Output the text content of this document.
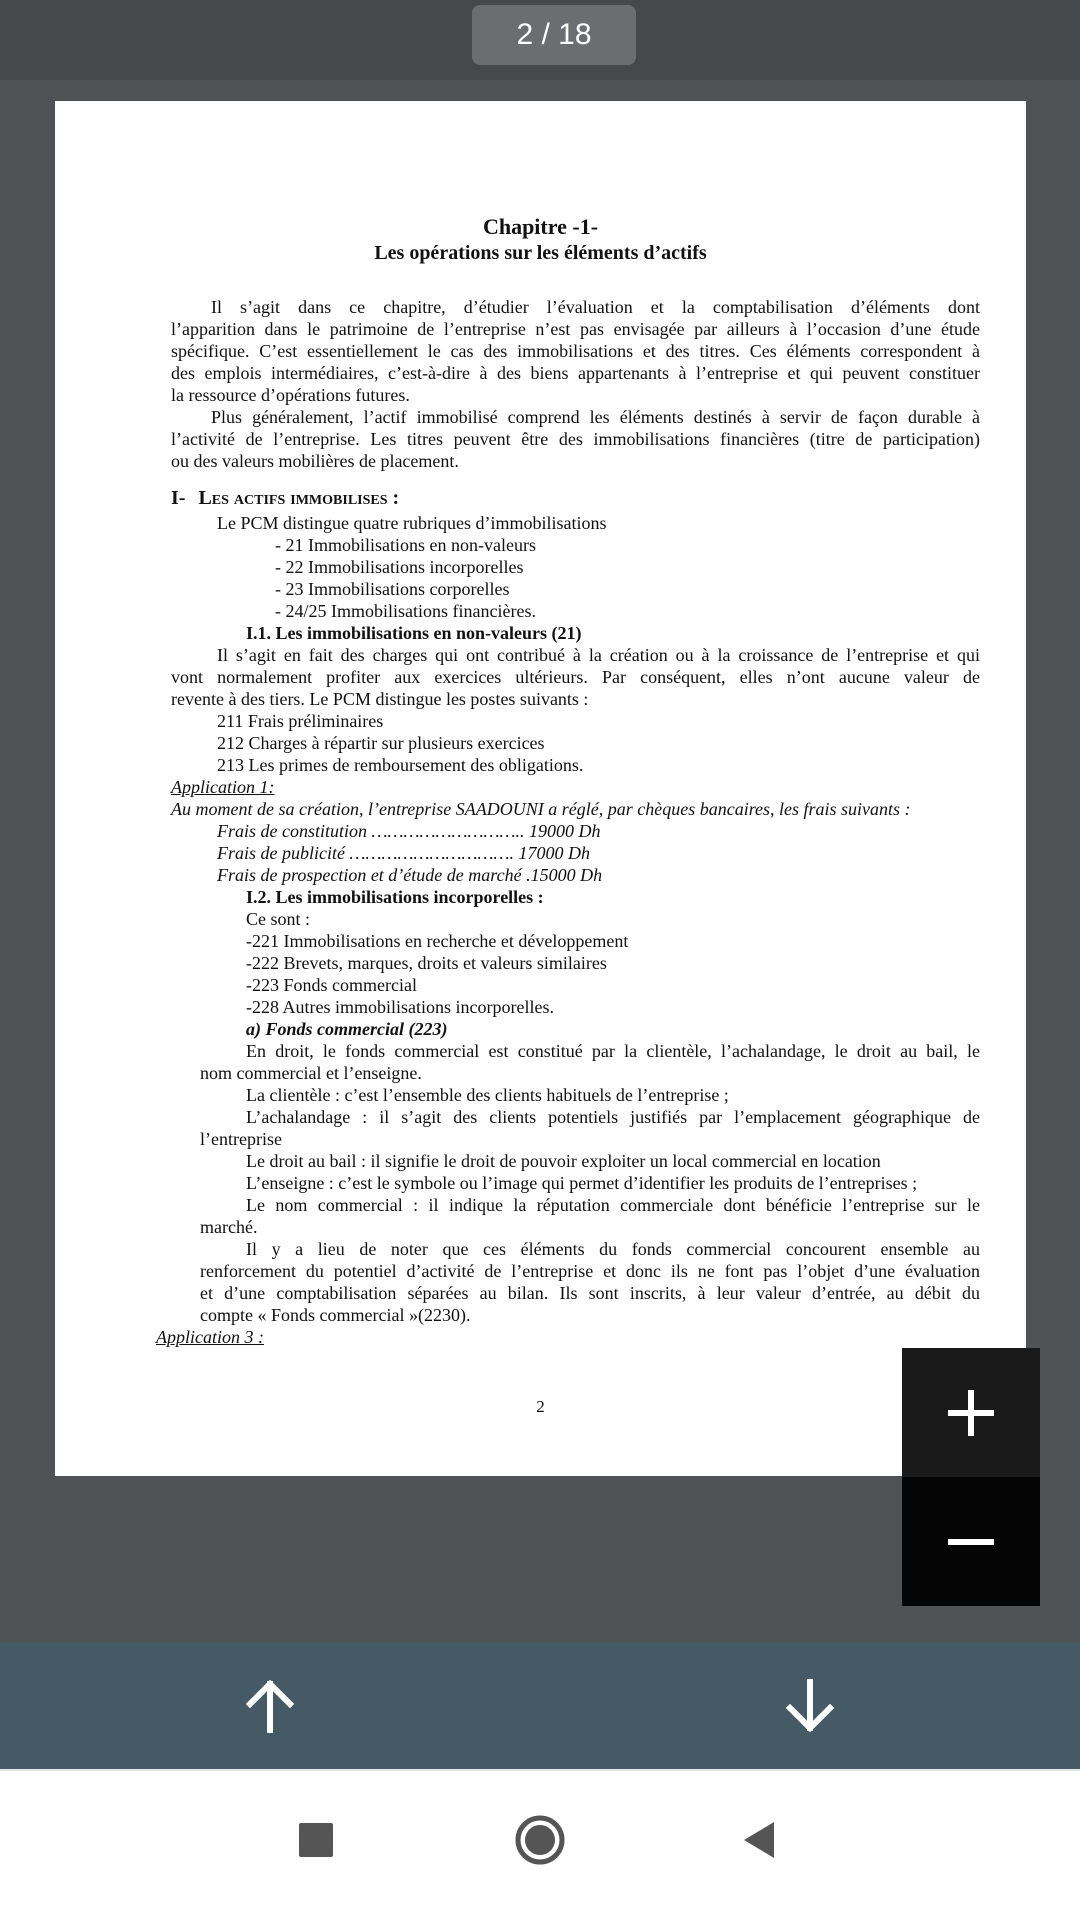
2 / 18
Chapitre -1-
Les opérations sur les éléments d’actifs
Il s’agit dans ce chapitre, d’étudier l’évaluation et la comptabilisation d’éléments dont
l’apparition dans le patrimoine de l’entreprise n’est pas envisagée par ailleurs à l’occasion d’une étude
spécifique. C’est essentiellement le cas des immobilisations et des titres. Ces éléments correspondent à
des emplois intermédiaires, c’est-à-dire à des biens appartenants à l’entreprise et qui peuvent constituer
la ressource d’opérations futures.
Plus généralement, l’actif immobilisé comprend les éléments destinés à servir de façon durable à
l’activité de l’entreprise. Les titres peuvent être des immobilisations financières (titre de participation)
ou des valeurs mobilières de placement.
I- Les actifs immobilises :
Le PCM distingue quatre rubriques d’immobilisations
- 21 Immobilisations en non-valeurs
- 22 Immobilisations incorporelles
- 23 Immobilisations corporelles
- 24/25 Immobilisations financières.
I.1. Les immobilisations en non-valeurs (21)
Il s’agit en fait des charges qui ont contribué à la création ou à la croissance de l’entreprise et qui
vont normalement profiter aux exercices ultérieurs. Par conséquent, elles n’ont aucune valeur de
revente à des tiers. Le PCM distingue les postes suivants :
211 Frais préliminaires
212 Charges à répartir sur plusieurs exercices
213 Les primes de remboursement des obligations.
Application 1:
Au moment de sa création, l’entreprise SAADOUNI a réglé, par chèques bancaires, les frais suivants :
Frais de constitution ……………………….. 19000 Dh
Frais de publicité …………………………. 17000 Dh
Frais de prospection et d’étude de marché .15000 Dh
I.2. Les immobilisations incorporelles :
Ce sont :
-221 Immobilisations en recherche et développement
-222 Brevets, marques, droits et valeurs similaires
-223 Fonds commercial
-228 Autres immobilisations incorporelles.
a) Fonds commercial (223)
En droit, le fonds commercial est constitué par la clientèle, l’achalandage, le droit au bail, le
nom commercial et l’enseigne.
La clientèle : c’est l’ensemble des clients habituels de l’entreprise ;
L’achalandage : il s’agit des clients potentiels justifiés par l’emplacement géographique de
l’entreprise
Le droit au bail : il signifie le droit de pouvoir exploiter un local commercial en location
L’enseigne : c’est le symbole ou l’image qui permet d’identifier les produits de l’entreprises ;
Le nom commercial : il indique la réputation commerciale dont bénéficie l’entreprise sur le
marché.
Il y a lieu de noter que ces éléments du fonds commercial concourent ensemble au
renforcement du potentiel d’activité de l’entreprise et donc ils ne font pas l’objet d’une évaluation
et d’une comptabilisation séparées au bilan. Ils sont inscrits, à leur valeur d’entrée, au débit du
compte « Fonds commercial »(2230).
Application 3 :
2
